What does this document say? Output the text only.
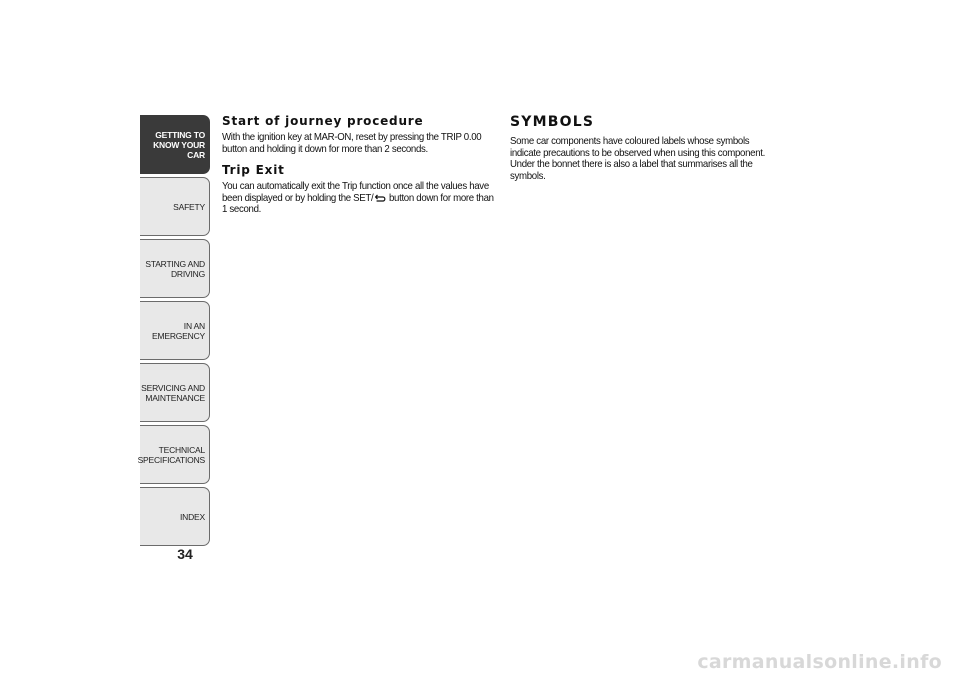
GETTING TO
KNOW YOUR CAR
SAFETY
STARTING AND
DRIVING
IN AN EMERGENCY
SERVICING AND
MAINTENANCE
TECHNICAL
SPECIFICATIONS
INDEX
34
Start of journey procedure

With the ignition key at MAR-ON, reset by pressing the TRIP 0.00 button and holding it down for more than 2 seconds.

Trip Exit

You can automatically exit the Trip function once all the values have been displayed or by holding the SET/ button down for more than 1 second.

SYMBOLS

Some car components have coloured labels whose symbols indicate precautions to be observed when using this component. Under the bonnet there is also a label that summarises all the symbols.

carmanualsonline.info
